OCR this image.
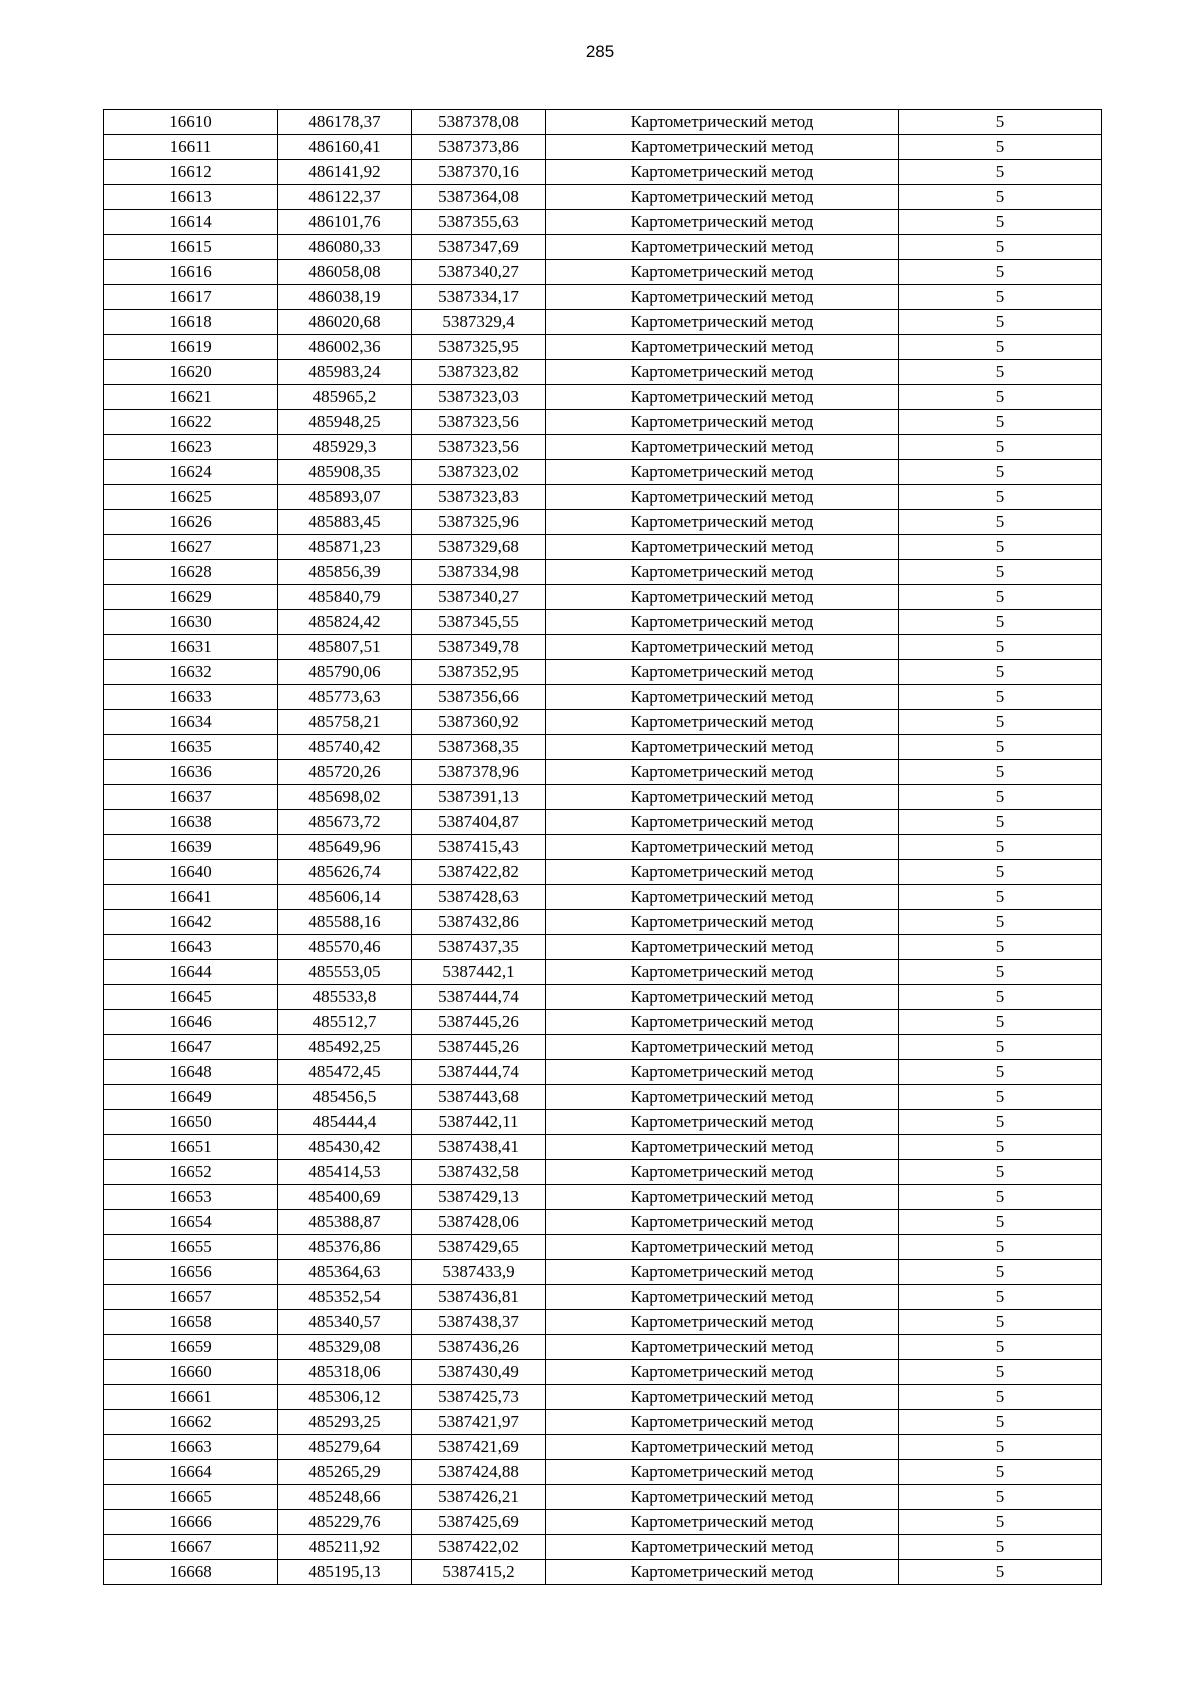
285
16610	486178,37	5387378,08	Картометрический метод	5
16611	486160,41	5387373,86	Картометрический метод	5
16612	486141,92	5387370,16	Картометрический метод	5
16613	486122,37	5387364,08	Картометрический метод	5
16614	486101,76	5387355,63	Картометрический метод	5
16615	486080,33	5387347,69	Картометрический метод	5
16616	486058,08	5387340,27	Картометрический метод	5
16617	486038,19	5387334,17	Картометрический метод	5
16618	486020,68	5387329,4	Картометрический метод	5
16619	486002,36	5387325,95	Картометрический метод	5
16620	485983,24	5387323,82	Картометрический метод	5
16621	485965,2	5387323,03	Картометрический метод	5
16622	485948,25	5387323,56	Картометрический метод	5
16623	485929,3	5387323,56	Картометрический метод	5
16624	485908,35	5387323,02	Картометрический метод	5
16625	485893,07	5387323,83	Картометрический метод	5
16626	485883,45	5387325,96	Картометрический метод	5
16627	485871,23	5387329,68	Картометрический метод	5
16628	485856,39	5387334,98	Картометрический метод	5
16629	485840,79	5387340,27	Картометрический метод	5
16630	485824,42	5387345,55	Картометрический метод	5
16631	485807,51	5387349,78	Картометрический метод	5
16632	485790,06	5387352,95	Картометрический метод	5
16633	485773,63	5387356,66	Картометрический метод	5
16634	485758,21	5387360,92	Картометрический метод	5
16635	485740,42	5387368,35	Картометрический метод	5
16636	485720,26	5387378,96	Картометрический метод	5
16637	485698,02	5387391,13	Картометрический метод	5
16638	485673,72	5387404,87	Картометрический метод	5
16639	485649,96	5387415,43	Картометрический метод	5
16640	485626,74	5387422,82	Картометрический метод	5
16641	485606,14	5387428,63	Картометрический метод	5
16642	485588,16	5387432,86	Картометрический метод	5
16643	485570,46	5387437,35	Картометрический метод	5
16644	485553,05	5387442,1	Картометрический метод	5
16645	485533,8	5387444,74	Картометрический метод	5
16646	485512,7	5387445,26	Картометрический метод	5
16647	485492,25	5387445,26	Картометрический метод	5
16648	485472,45	5387444,74	Картометрический метод	5
16649	485456,5	5387443,68	Картометрический метод	5
16650	485444,4	5387442,11	Картометрический метод	5
16651	485430,42	5387438,41	Картометрический метод	5
16652	485414,53	5387432,58	Картометрический метод	5
16653	485400,69	5387429,13	Картометрический метод	5
16654	485388,87	5387428,06	Картометрический метод	5
16655	485376,86	5387429,65	Картометрический метод	5
16656	485364,63	5387433,9	Картометрический метод	5
16657	485352,54	5387436,81	Картометрический метод	5
16658	485340,57	5387438,37	Картометрический метод	5
16659	485329,08	5387436,26	Картометрический метод	5
16660	485318,06	5387430,49	Картометрический метод	5
16661	485306,12	5387425,73	Картометрический метод	5
16662	485293,25	5387421,97	Картометрический метод	5
16663	485279,64	5387421,69	Картометрический метод	5
16664	485265,29	5387424,88	Картометрический метод	5
16665	485248,66	5387426,21	Картометрический метод	5
16666	485229,76	5387425,69	Картометрический метод	5
16667	485211,92	5387422,02	Картометрический метод	5
16668	485195,13	5387415,2	Картометрический метод	5
